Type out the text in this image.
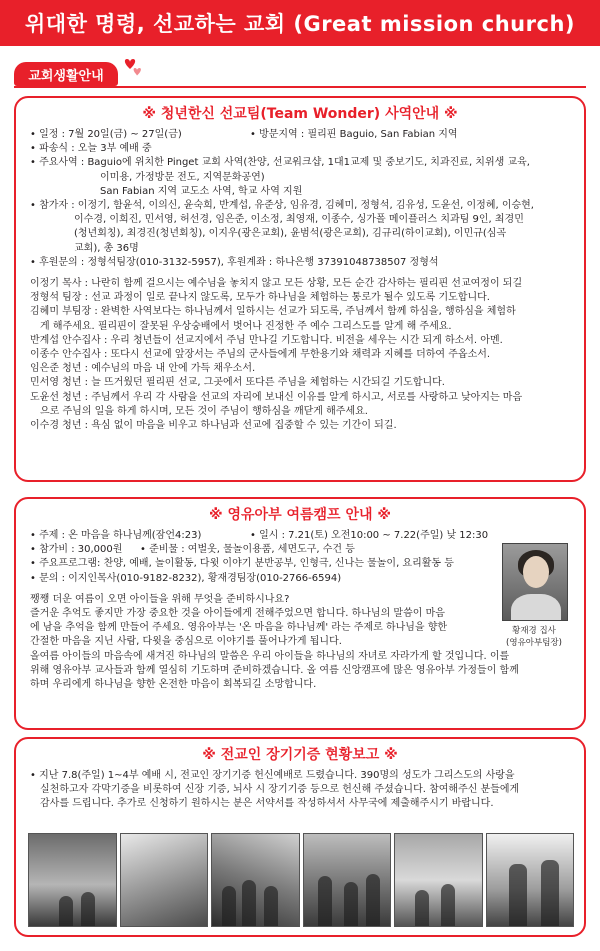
위대한 명령, 선교하는 교회 (Great mission church)
교회생활안내
※ 청년한신 선교팀(Team Wonder) 사역안내 ※
• 일정 : 7월 20일(금) ~ 27일(금)	• 방문지역 : 필리핀 Baguio, San Fabian 지역
• 파송식 : 오늘 3부 예배 중
• 주요사역 : Baguio에 위치한 Pinget 교회 사역(찬양, 선교워크샵, 1대1교제 및 중보기도, 치과진료, 치위생 교육,
이미용, 가정방문 전도, 지역문화공연)
San Fabian 지역 교도소 사역, 학교 사역 지원
• 참가자 : 이정기, 함윤석, 이의신, 윤숙희, 반계섭, 유준상, 임유경, 김혜미, 정형석, 김유성, 도윤선, 이정혜, 이승현,
이수경, 이희진, 민서영, 허선경, 임은준, 이소정, 최영재, 이종수, 싱가폴 메이플러스 치과팀 9인, 최경민
(청년회칭), 최경진(청년회칭), 이지우(광은교회), 윤범석(광은교회), 김규리(하이교회), 이민규(심곡
교회), 총 36명
• 후원문의 : 정형석팀장(010-3132-5957), 후원계좌 : 하나은행 37391048738507 정형석
이정기 목사 : 나란히 함께 걸으시는 예수님을 놓치지 않고 모든 상황, 모든 순간 감사하는 필리핀 선교여정이 되길
정형석 팀장 : 선교 과정이 일로 끝나지 않도록, 모두가 하나님을 체험하는 통로가 될수 있도록 기도합니다.
김혜미 부팀장 : 완벽한 사역보다는 하나님께서 일하시는 선교가 되도록, 주님께서 함께 하심을, 행하심을 체험하
게 해주세요. 필리핀이 잘못된 우상숭배에서 벗어나 진정한 주 예수 그리스도를 알게 해 주세요.
반계섭 안수집사 : 우리 청년들이 선교지에서 주님 만나길 기도합니다. 비전을 세우는 시간 되게 하소서. 아멘.
이종수 안수집사 : 또다시 선교에 앞장서는 주님의 군사들에게 무한용기와 채력과 지혜를 더하여 주옵소서.
임은준 청년 : 예수님의 마음 내 안에 가득 채우소서.
민서영 청년 : 늘 뜨거웠던 필리핀 선교, 그곳에서 또다른 주님을 체험하는 시간되길 기도합니다.
도윤선 청년 : 주님께서 우리 각 사람을 선교의 자리에 보내신 이유를 알게 하시고, 서로를 사랑하고 낮아지는 마음
으로 주님의 일을 하게 하시며, 모든 것이 주님이 행하심을 깨닫게 해주세요.
이수경 청년 : 욕심 없이 마음을 비우고 하나님과 선교에 집중할 수 있는 기간이 되길.
※ 영유아부 여름캠프 안내 ※
• 주제 : 온 마음을 하나님께(잠언4:23)	• 일시 : 7.21(토) 오전10:00 ~ 7.22(주일) 낮 12:30
• 참가비 : 30,000원 • 준비물 : 여벌옷, 물놀이용품, 세면도구, 수건 등
• 주요프로그램: 찬양, 예배, 놀이활동, 다윗 이야기 분반공부, 인형극, 신나는 물놀이, 요리활동 등
• 문의 : 이지인목사(010-9182-8232), 황재경팀장(010-2766-6594)
쨍쨍 더운 여름이 오면 아이들을 위해 무엇을 준비하시나요?
즐거운 추억도 좋지만 가장 중요한 것을 아이들에게 전해주었으면 합니다. 하나님의 말씀이 마음
에 남을 추억을 함께 만들어 주세요. 영유아부는 '온 마음을 하나님께' 라는 주제로 하나님을 향한
간절한 마음을 지닌 사람, 다윗을 중심으로 이야기를 풀어나가게 됩니다.
올여름 아이들의 마음속에 새겨진 하나님의 말씀은 우리 아이들을 하나님의 자녀로 자라가게 할 것입니다. 이를
위해 영유아부 교사들과 함께 열심히 기도하며 준비하겠습니다. 올 여름 신앙캠프에 많은 영유아부 가정들이 함께
하며 우리에게 하나님을 향한 온전한 마음이 회복되길 소망합니다.
황재경 집사
(영유아부팀장)
※ 전교인 장기기증 현황보고 ※
• 지난 7.8(주일) 1~4부 예배 시, 전교인 장기기증 헌신예배로 드렸습니다. 390명의 성도가 그리스도의 사랑을
실천하고자 각막기증을 비롯하여 신장 기증, 뇌사 시 장기기증 등으로 헌신해 주셨습니다. 참여해주신 분들에게
감사를 드립니다. 추가로 신청하기 원하시는 분은 서약서를 작성하셔서 사무국에 제출해주시기 바랍니다.
